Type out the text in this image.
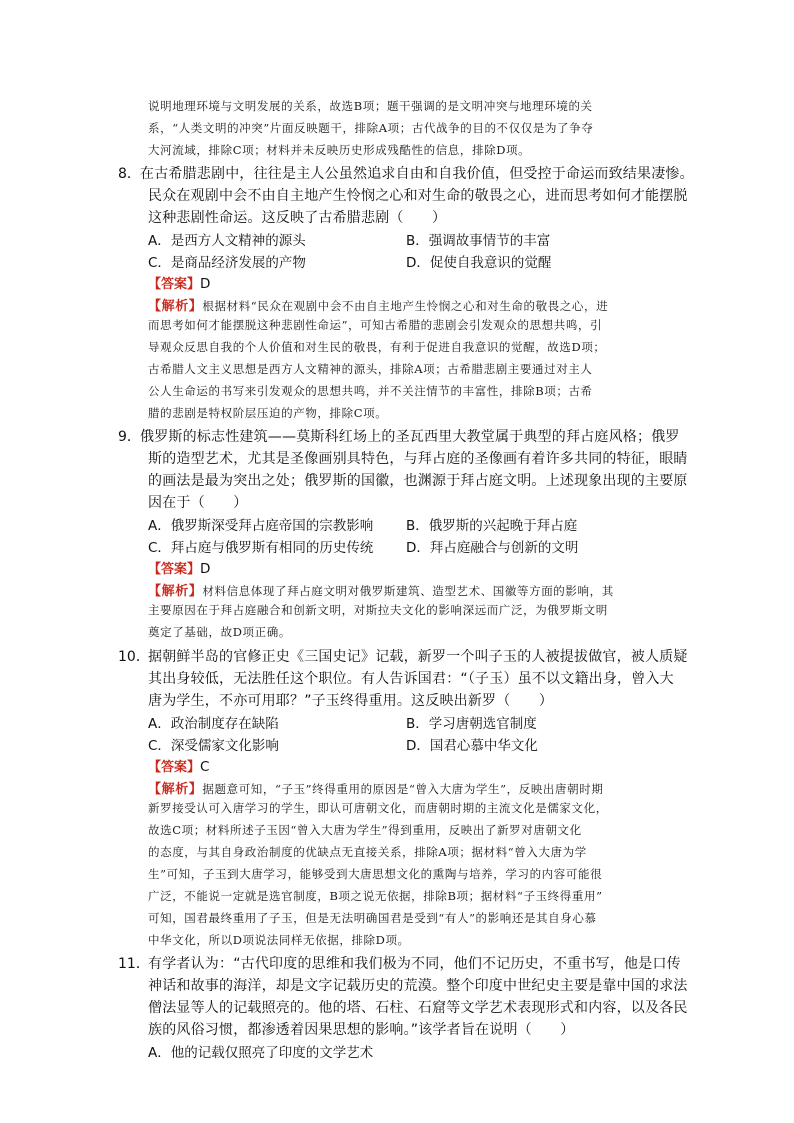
说明地理环境与文明发展的关系，故选B项；题干强调的是文明冲突与地理环境的关
系，“人类文明的冲突”片面反映题干，排除A项；古代战争的目的不仅仅是为了争夺
大河流域，排除C项；材料并未反映历史形成残酷性的信息，排除D项。
8． 在古希腊悲剧中，往往是主人公虽然追求自由和自我价值，但受控于命运而致结果凄惨。
民众在观剧中会不由自主地产生怜悯之心和对生命的敬畏之心，进而思考如何才能摆脱
这种悲剧性命运。这反映了古希腊悲剧（　　）
A．是西方人文精神的源头	B．强调故事情节的丰富
C．是商品经济发展的产物	D．促使自我意识的觉醒
【答案】D
【解析】根据材料“民众在观剧中会不由自主地产生怜悯之心和对生命的敬畏之心，进
而思考如何才能摆脱这种悲剧性命运”，可知古希腊的悲剧会引发观众的思想共鸣，引
导观众反思自我的个人价值和对生民的敬畏，有利于促进自我意识的觉醒，故选D项；
古希腊人文主义思想是西方人文精神的源头，排除A项；古希腊悲剧主要通过对主人
公人生命运的书写来引发观众的思想共鸣，并不关注情节的丰富性，排除B项；古希
腊的悲剧是特权阶层压迫的产物，排除C项。
9． 俄罗斯的标志性建筑——莫斯科红场上的圣瓦西里大教堂属于典型的拜占庭风格；俄罗
斯的造型艺术，尤其是圣像画别具特色，与拜占庭的圣像画有着许多共同的特征，眼睛
的画法是最为突出之处；俄罗斯的国徽，也渊源于拜占庭文明。上述现象出现的主要原
因在于（　　）
A．俄罗斯深受拜占庭帝国的宗教影响 B．俄罗斯的兴起晚于拜占庭
C．拜占庭与俄罗斯有相同的历史传统 D．拜占庭融合与创新的文明
【答案】D
【解析】材料信息体现了拜占庭文明对俄罗斯建筑、造型艺术、国徽等方面的影响，其
主要原因在于拜占庭融合和创新文明，对斯拉夫文化的影响深远而广泛，为俄罗斯文明
奠定了基础，故D项正确。
10．
据朝鲜半岛的官修正史《三国史记》记载，新罗一个叫子玉的人被提拔做官，被人质疑
其出身较低，无法胜任这个职位。有人告诉国君：“（子玉）虽不以文籍出身，曾入大
唐为学生，不亦可用耶？”子玉终得重用。这反映出新罗（　　）
A．政治制度存在缺陷	B．学习唐朝选官制度
C．深受儒家文化影响	D．国君心慕中华文化
【答案】C
【解析】据题意可知，“子玉”终得重用的原因是“曾入大唐为学生”，反映出唐朝时期
新罗接受认可入唐学习的学生，即认可唐朝文化，而唐朝时期的主流文化是儒家文化，
故选C项；材料所述子玉因“曾入大唐为学生”得到重用，反映出了新罗对唐朝文化
的态度，与其自身政治制度的优缺点无直接关系，排除A项；据材料“曾入大唐为学
生”可知，子玉到大唐学习，能够受到大唐思想文化的熏陶与培养，学习的内容可能很
广泛，不能说一定就是选官制度，B项之说无依据，排除B项；据材料“子玉终得重用”
可知，国君最终重用了子玉，但是无法明确国君是受到“有人”的影响还是其自身心慕
中华文化，所以D项说法同样无依据，排除D项。
11．
有学者认为：“古代印度的思维和我们极为不同，他们不记历史，不重书写，他是口传
神话和故事的海洋，却是文字记载历史的荒漠。整个印度中世纪史主要是靠中国的求法
僧法显等人的记载照亮的。他的塔、石柱、石窟等文学艺术表现形式和内容，以及各民
族的风俗习惯，都渗透着因果思想的影响。”该学者旨在说明（　　）
A．他的记载仅照亮了印度的文学艺术
